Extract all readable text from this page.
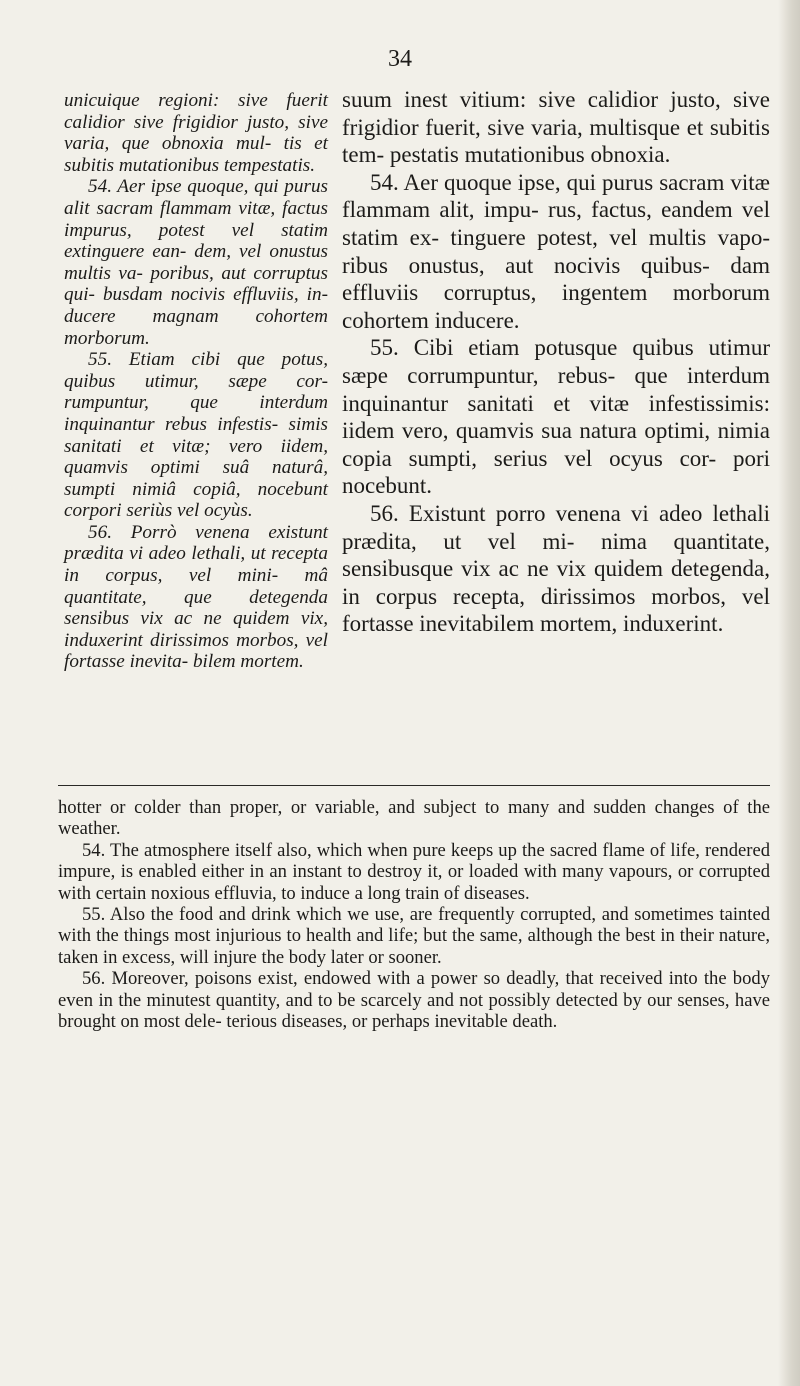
34

unicuique regioni: sive fuerit calidior sive frigidior justo, sive varia, que obnoxia mul- tis et subitis mutationibus tempestatis.

54. Aer ipse quoque, qui purus alit sacram flammam vitæ, factus impurus, potest vel statim extinguere ean- dem, vel onustus multis va- poribus, aut corruptus qui- busdam nocivis effluviis, in- ducere magnam cohortem morborum.

55. Etiam cibi que potus, quibus utimur, sæpe cor- rumpuntur, que interdum inquinantur rebus infestis- simis sanitati et vitæ; vero iidem, quamvis optimi suâ naturâ, sumpti nimiâ copiâ, nocebunt corpori seriùs vel ocyùs.

56. Porrò venena existunt prædita vi adeo lethali, ut recepta in corpus, vel mini- mâ quantitate, que detegenda sensibus vix ac ne quidem vix, induxerint dirissimos morbos, vel fortasse inevita- bilem mortem.

suum inest vitium: sive calidior justo, sive frigidior fuerit, sive varia, multisque et subitis tem- pestatis mutationibus obnoxia.

54. Aer quoque ipse, qui purus sacram vitæ flammam alit, impu- rus, factus, eandem vel statim ex- tinguere potest, vel multis vapo- ribus onustus, aut nocivis quibus- dam effluviis corruptus, ingentem morborum cohortem inducere.

55. Cibi etiam potusque quibus utimur sæpe corrumpuntur, rebus- que interdum inquinantur sanitati et vitæ infestissimis: iidem vero, quamvis sua natura optimi, nimia copia sumpti, serius vel ocyus cor- pori nocebunt.

56. Existunt porro venena vi adeo lethali prædita, ut vel mi- nima quantitate, sensibusque vix ac ne vix quidem detegenda, in corpus recepta, dirissimos morbos, vel fortasse inevitabilem mortem, induxerint.

hotter or colder than proper, or variable, and subject to many and sudden changes of the weather.

54. The atmosphere itself also, which when pure keeps up the sacred flame of life, rendered impure, is enabled either in an instant to destroy it, or loaded with many vapours, or corrupted with certain noxious effluvia, to induce a long train of diseases.

55. Also the food and drink which we use, are frequently corrupted, and sometimes tainted with the things most injurious to health and life; but the same, although the best in their nature, taken in excess, will injure the body later or sooner.

56. Moreover, poisons exist, endowed with a power so deadly, that received into the body even in the minutest quantity, and to be scarcely and not possibly detected by our senses, have brought on most dele- terious diseases, or perhaps inevitable death.
